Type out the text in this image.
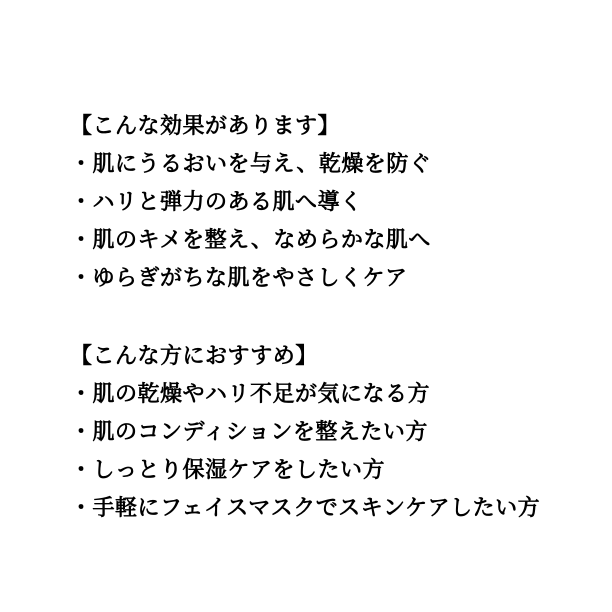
【こんな効果があります】
・肌にうるおいを与え、乾燥を防ぐ
・ハリと弾力のある肌へ導く
・肌のキメを整え、なめらかな肌へ
・ゆらぎがちな肌をやさしくケア
【こんな方におすすめ】
・肌の乾燥やハリ不足が気になる方
・肌のコンディションを整えたい方
・しっとり保湿ケアをしたい方
・手軽にフェイスマスクでスキンケアしたい方
